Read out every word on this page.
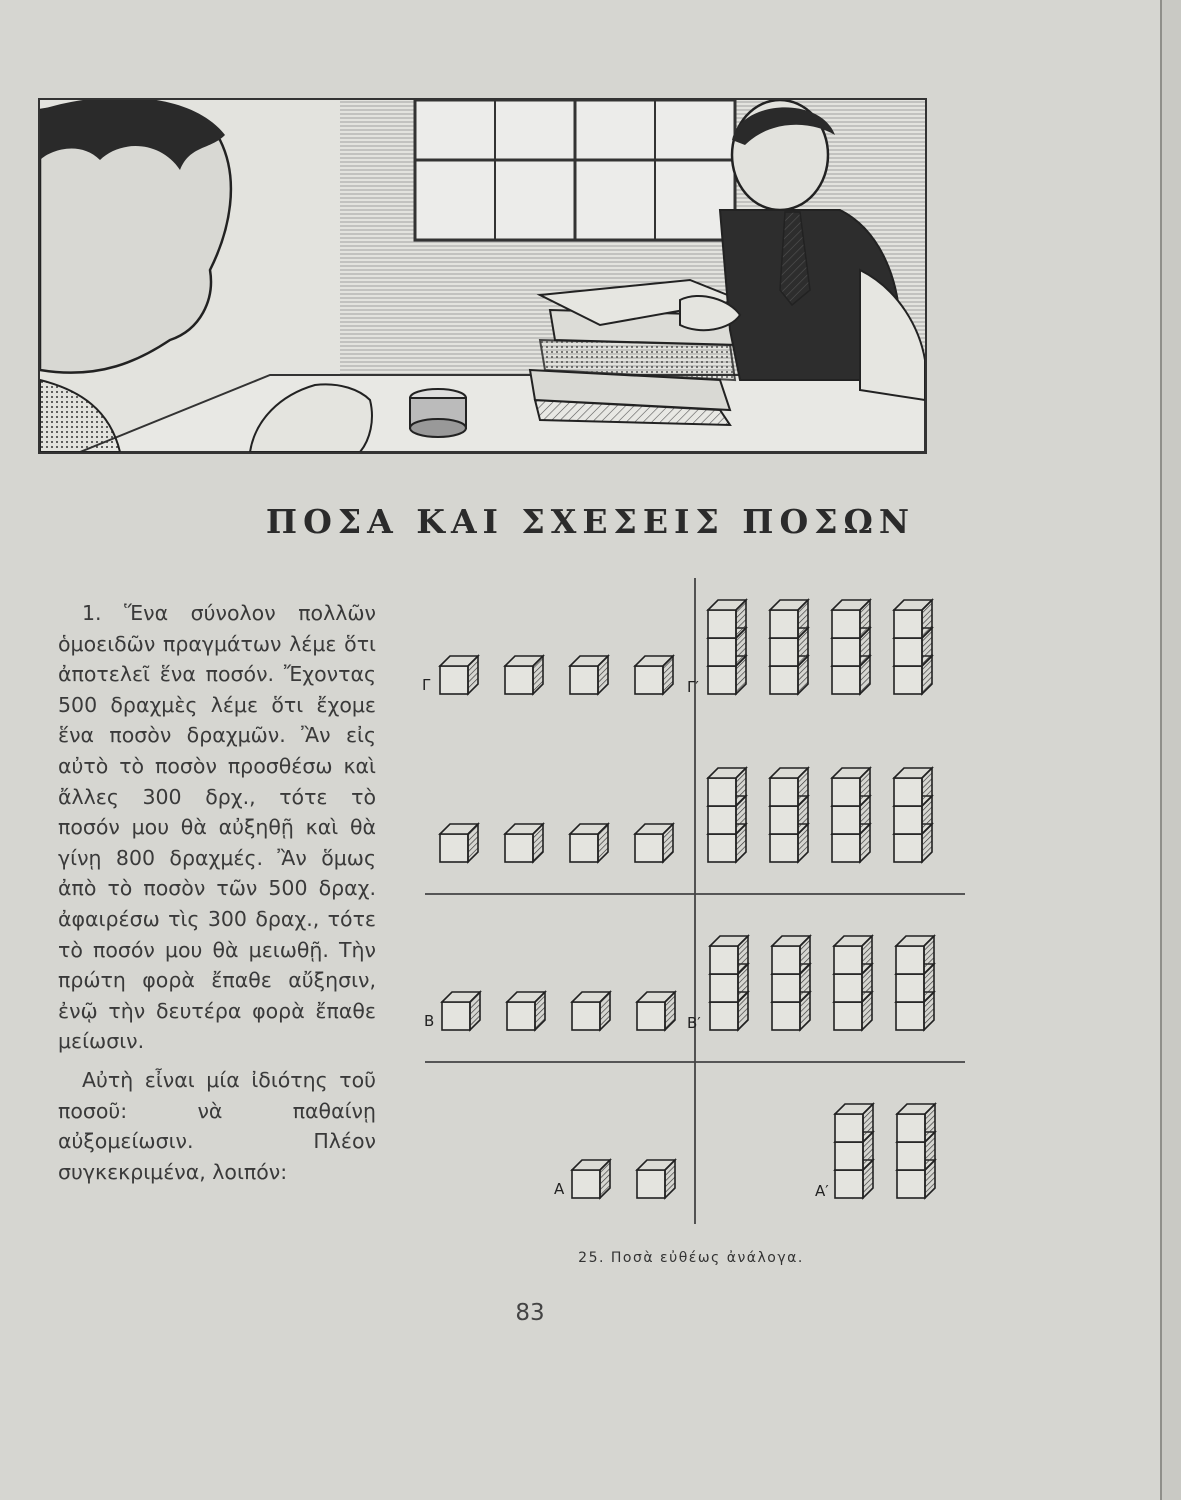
ΠΟΣΑ ΚΑΙ ΣΧΕΣΕΙΣ ΠΟΣΩΝ

1. Ἕνα σύνολον πολλῶν ὁμοειδῶν πραγμάτων λέμε ὅτι ἀποτελεῖ ἕνα ποσόν. Ἔχοντας 500 δραχμὲς λέμε ὅτι ἔχομε ἕνα ποσὸν δραχμῶν. Ἂν εἰς αὐτὸ τὸ ποσὸν προσθέσω καὶ ἄλλες 300 δρχ., τότε τὸ ποσόν μου θὰ αὐξηθῇ καὶ θὰ γίνῃ 800 δραχμές. Ἂν ὅμως ἀπὸ τὸ ποσὸν τῶν 500 δραχ. ἀφαιρέσω τὶς 300 δραχ., τότε τὸ ποσόν μου θὰ μειωθῇ. Τὴν πρώτη φορὰ ἔπαθε αὔξησιν, ἐνῷ τὴν δευτέρα φορὰ ἔπαθε μείωσιν.

Αὐτὴ εἶναι μία ἰδιότης τοῦ ποσοῦ: νὰ παθαίνῃ αὐξομείωσιν. Πλέον συγκεκριμένα, λοιπόν:

Γ	Γ′
Β	Β′
Α	Α′
25. Ποσὰ εὐθέως ἀνάλογα.
83
